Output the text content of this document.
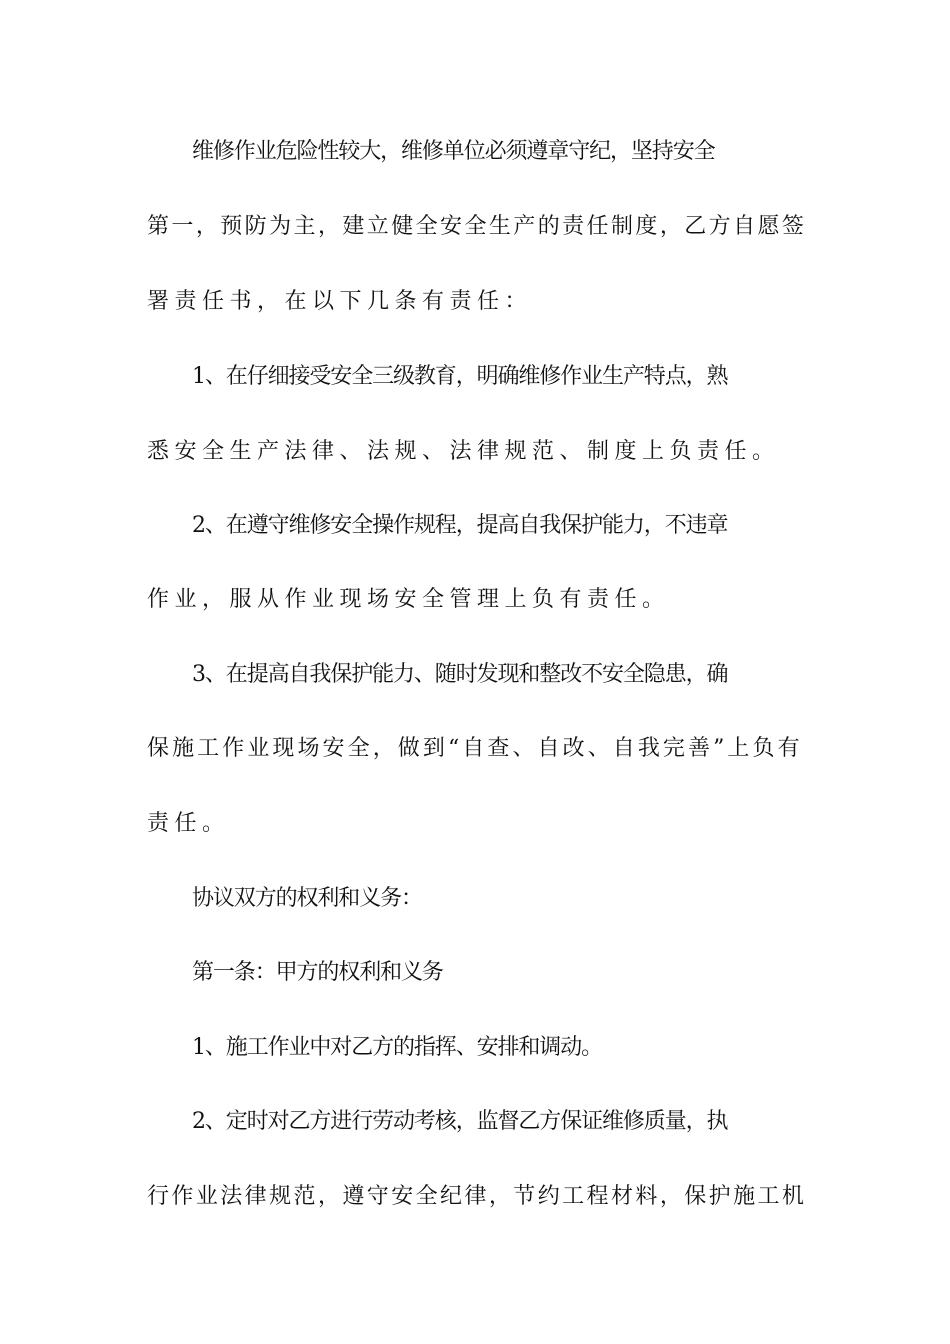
维修作业危险性较大，维修单位必须遵章守纪，坚持安全

第一，预防为主，建立健全安全生产的责任制度，乙方自愿签

署责任书，在以下几条有责任：

1、在仔细接受安全三级教育，明确维修作业生产特点，熟

悉安全生产法律、法规、法律规范、制度上负责任。

2、在遵守维修安全操作规程，提高自我保护能力，不违章

作业，服从作业现场安全管理上负有责任。

3、在提高自我保护能力、随时发现和整改不安全隐患，确

保施工作业现场安全，做到“自查、自改、自我完善”上负有

责任。

协议双方的权利和义务：

第一条：甲方的权利和义务

1、施工作业中对乙方的指挥、安排和调动。

2、定时对乙方进行劳动考核，监督乙方保证维修质量，执

行作业法律规范，遵守安全纪律，节约工程材料，保护施工机
